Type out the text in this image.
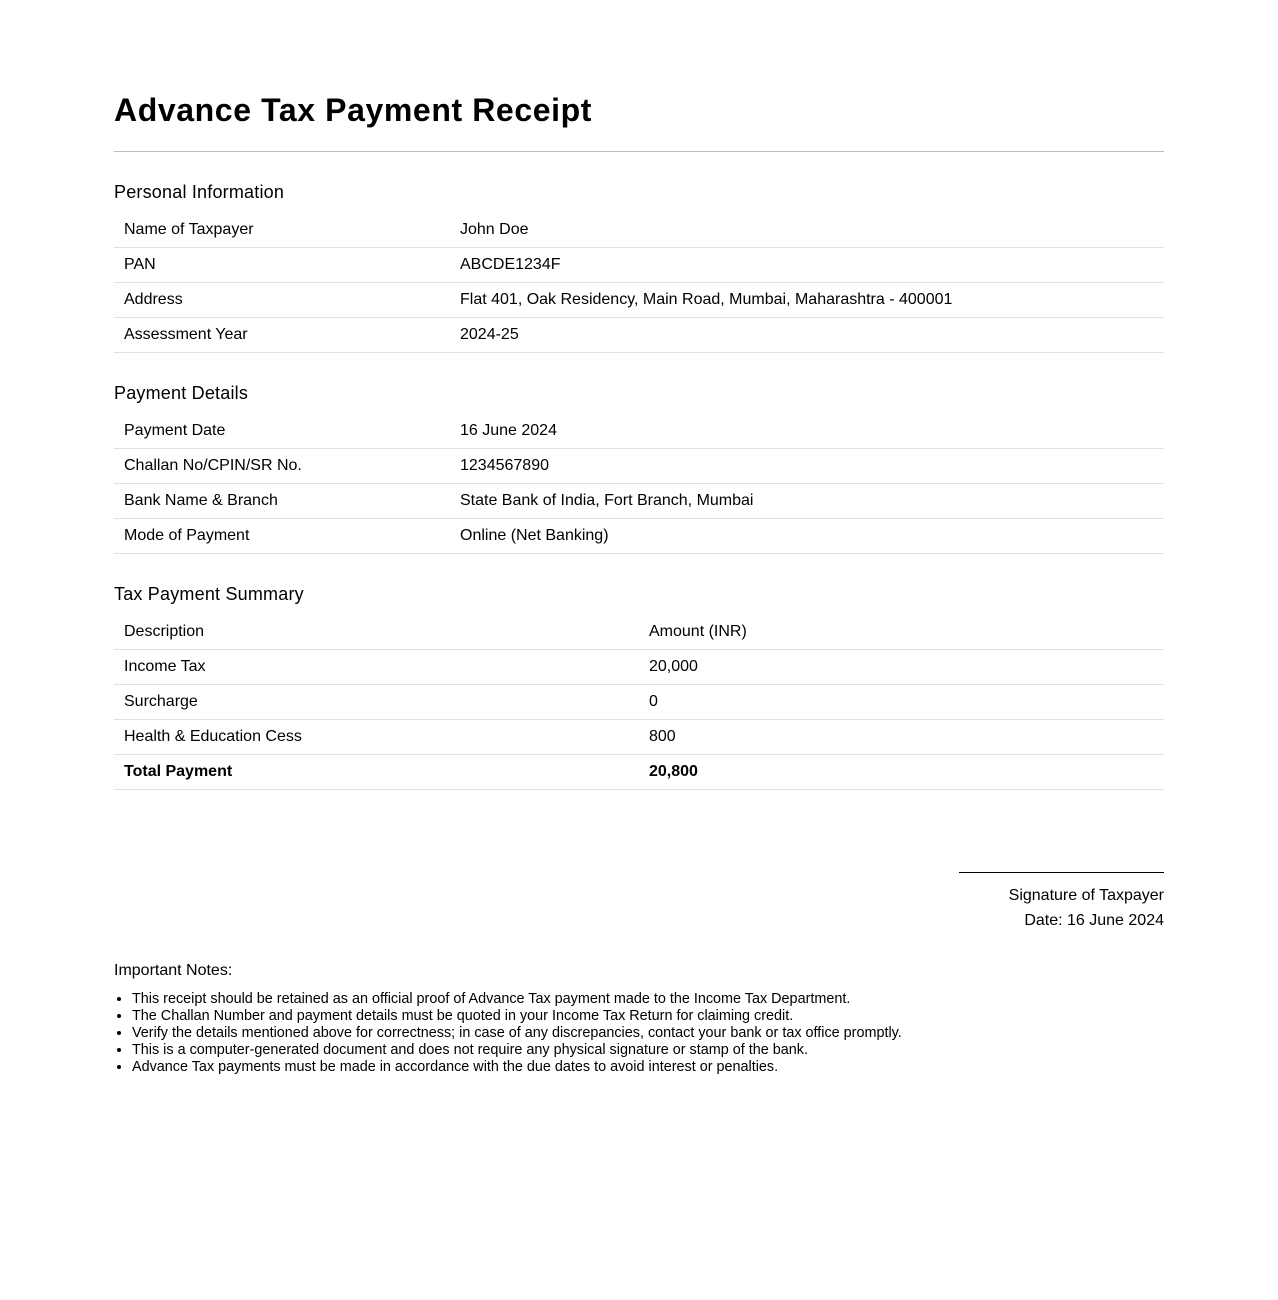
Advance Tax Payment Receipt
Personal Information
Name of Taxpayer	John Doe
PAN	ABCDE1234F
Address	Flat 401, Oak Residency, Main Road, Mumbai, Maharashtra - 400001
Assessment Year	2024-25
Payment Details
Payment Date	16 June 2024
Challan No/CPIN/SR No.	1234567890
Bank Name & Branch	State Bank of India, Fort Branch, Mumbai
Mode of Payment	Online (Net Banking)
Tax Payment Summary
Description	Amount (INR)
Income Tax	20,000
Surcharge	0
Health & Education Cess	800
Total Payment	20,800
Signature of Taxpayer
Date: 16 June 2024
Important Notes:
• This receipt should be retained as an official proof of Advance Tax payment made to the Income Tax Department.
• The Challan Number and payment details must be quoted in your Income Tax Return for claiming credit.
• Verify the details mentioned above for correctness; in case of any discrepancies, contact your bank or tax office promptly.
• This is a computer-generated document and does not require any physical signature or stamp of the bank.
• Advance Tax payments must be made in accordance with the due dates to avoid interest or penalties.
